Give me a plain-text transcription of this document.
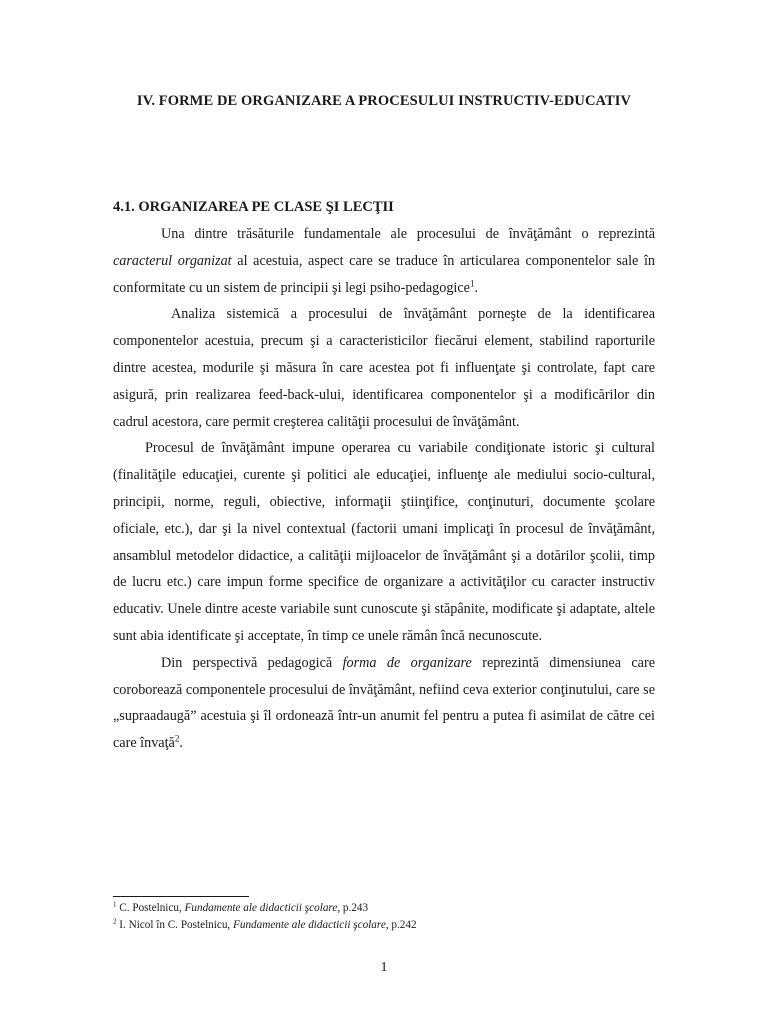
IV. FORME DE ORGANIZARE A PROCESULUI INSTRUCTIV-EDUCATIV
4.1. ORGANIZAREA PE CLASE ŞI LECŢII

Una dintre trăsăturile fundamentale ale procesului de învăţământ o reprezintă caracterul organizat al acestuia, aspect care se traduce în articularea componentelor sale în conformitate cu un sistem de principii şi legi psiho-pedagogice$^1$.

Analiza sistemică a procesului de învăţământ porneşte de la identificarea componentelor acestuia, precum şi a caracteristicilor fiecărui element, stabilind raporturile dintre acestea, modurile şi măsura în care acestea pot fi influenţate şi controlate, fapt care asigură, prin realizarea feed-back-ului, identificarea componentelor şi a modificărilor din cadrul acestora, care permit creşterea calităţii procesului de învăţământ.

Procesul de învăţământ impune operarea cu variabile condiţionate istoric şi cultural (finalităţile educaţiei, curente şi politici ale educaţiei, influenţe ale mediului socio-cultural, principii, norme, reguli, obiective, informaţii ştiinţifice, conţinuturi, documente şcolare oficiale, etc.), dar şi la nivel contextual (factorii umani implicaţi în procesul de învăţământ, ansamblul metodelor didactice, a calităţii mijloacelor de învăţământ şi a dotărilor şcolii, timp de lucru etc.) care impun forme specifice de organizare a activităţilor cu caracter instructiv educativ. Unele dintre aceste variabile sunt cunoscute şi stăpânite, modificate şi adaptate, altele sunt abia identificate şi acceptate, în timp ce unele rămân încă necunoscute.

Din perspectivă pedagogică forma de organizare reprezintă dimensiunea care coroborează componentele procesului de învăţământ, nefiind ceva exterior conţinutului, care se „supraadaugă” acestuia şi îl ordonează într-un anumit fel pentru a putea fi asimilat de către cei care învaţă$^2$.

$^1$ C. Postelnicu, Fundamente ale didacticii şcolare, p.243
$^2$ I. Nicol în C. Postelnicu, Fundamente ale didacticii şcolare, p.242
1
